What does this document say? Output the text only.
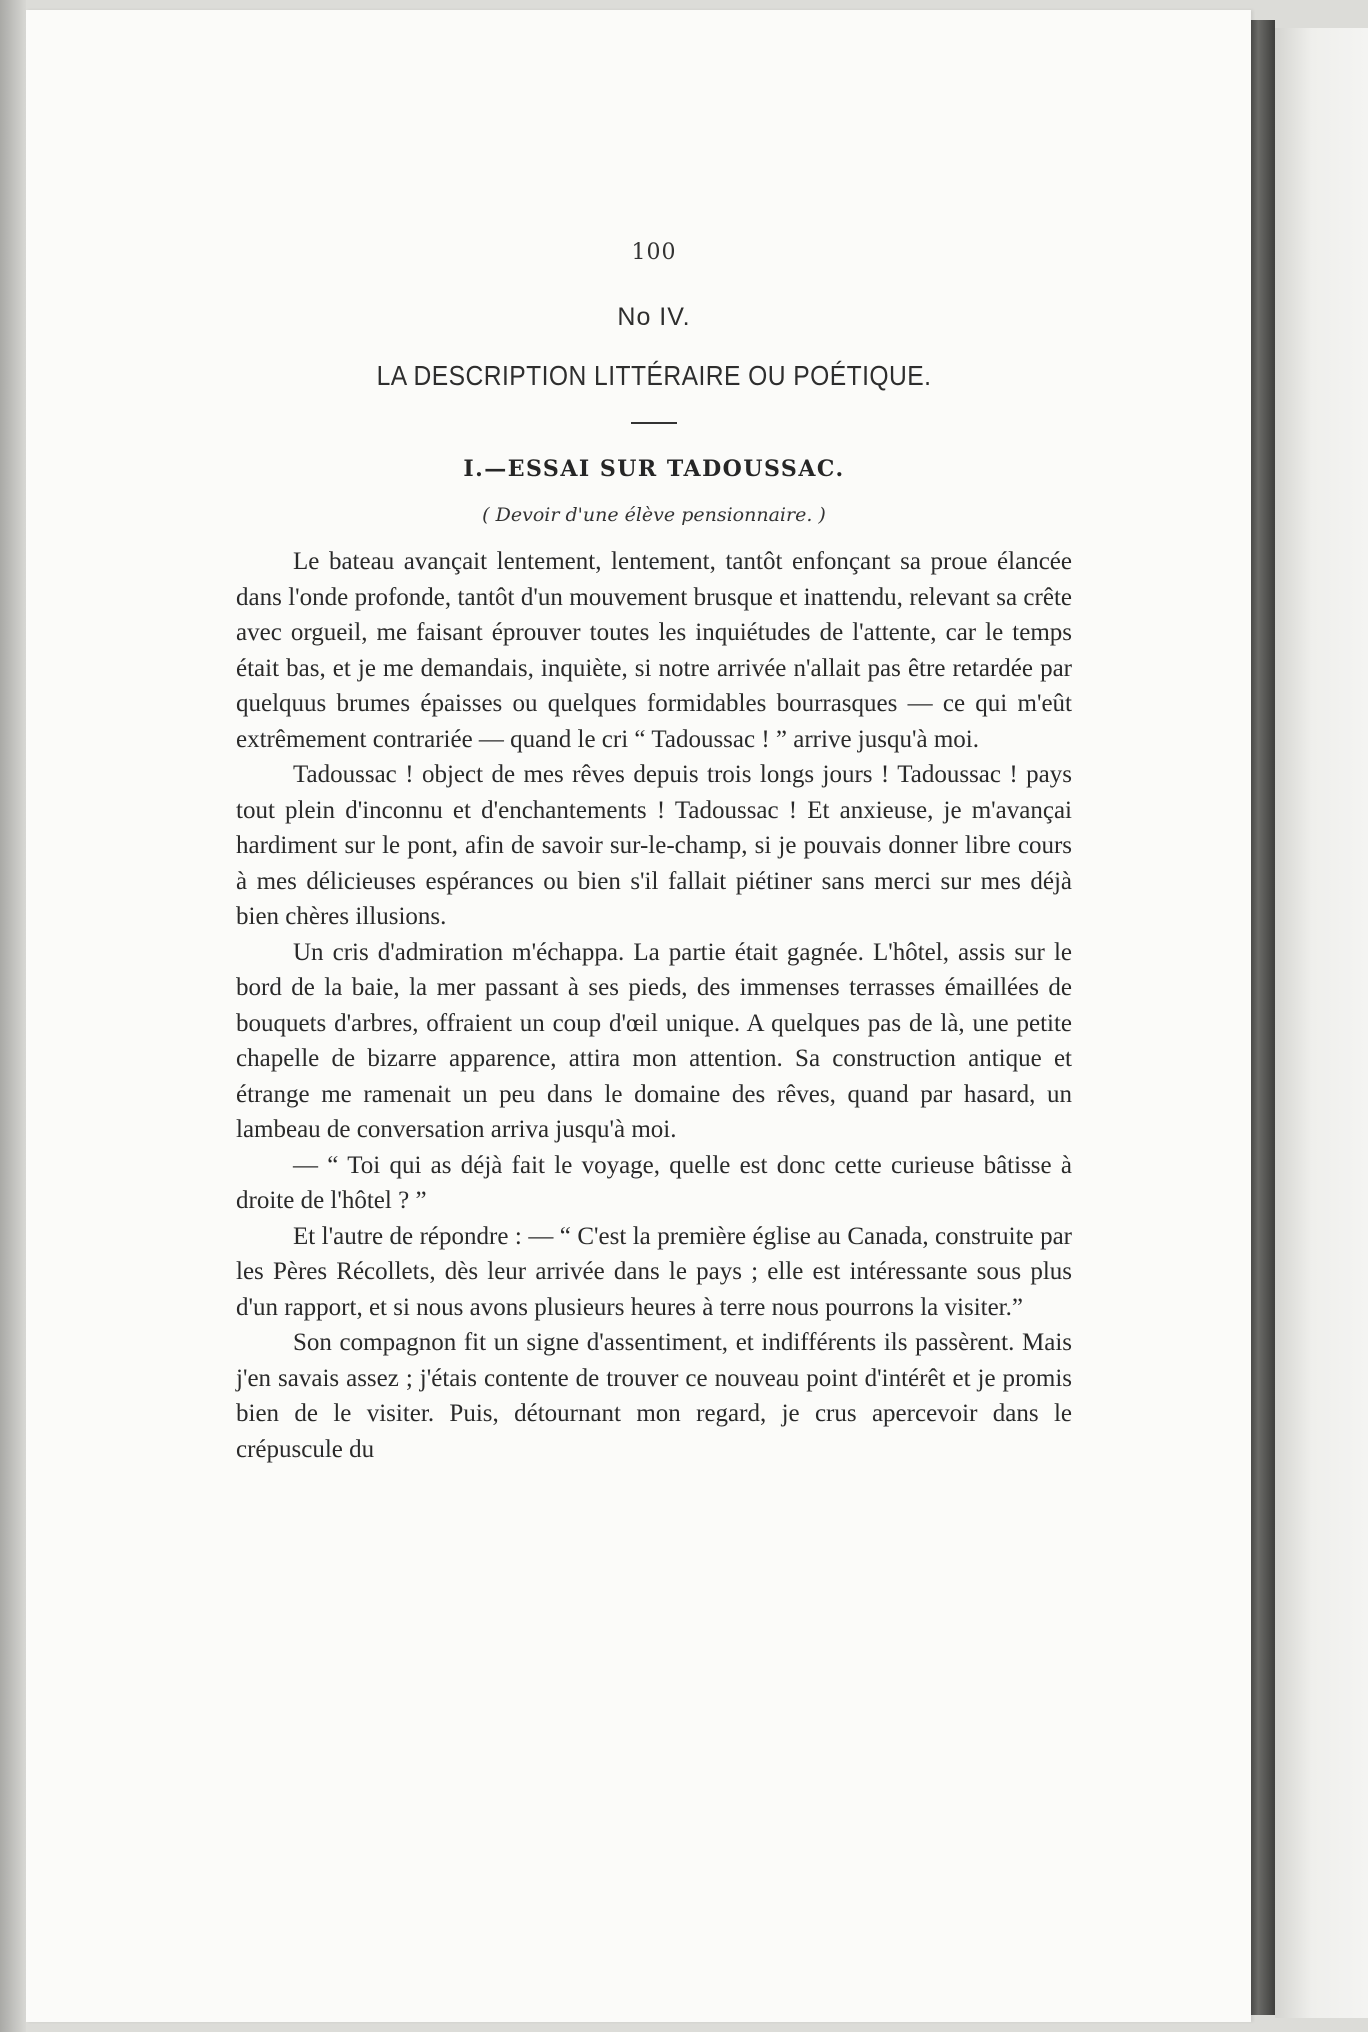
100
No IV.
LA DESCRIPTION LITTÉRAIRE OU POÉTIQUE.
I.—ESSAI SUR TADOUSSAC.
( Devoir d'une élève pensionnaire. )

Le bateau avançait lentement, lentement, tantôt enfonçant sa proue élancée dans l'onde profonde, tantôt d'un mouvement brusque et inattendu, relevant sa crête avec orgueil, me faisant éprouver toutes les inquiétudes de l'attente, car le temps était bas, et je me demandais, inquiète, si notre arrivée n'allait pas être retardée par quelquus brumes épaisses ou quelques formidables bourrasques — ce qui m'eût extrêmement contrariée — quand le cri “ Tadoussac ! ” arrive jusqu'à moi.

Tadoussac ! object de mes rêves depuis trois longs jours ! Tadoussac ! pays tout plein d'inconnu et d'enchantements ! Tadoussac ! Et anxieuse, je m'avançai hardiment sur le pont, afin de savoir sur-le-champ, si je pouvais donner libre cours à mes délicieuses espérances ou bien s'il fallait piétiner sans merci sur mes déjà bien chères illusions.

Un cris d'admiration m'échappa. La partie était gagnée. L'hôtel, assis sur le bord de la baie, la mer passant à ses pieds, des immenses terrasses émaillées de bouquets d'arbres, offraient un coup d'œil unique. A quelques pas de là, une petite chapelle de bizarre apparence, attira mon attention. Sa construction antique et étrange me ramenait un peu dans le domaine des rêves, quand par hasard, un lambeau de conversation arriva jusqu'à moi.

— “ Toi qui as déjà fait le voyage, quelle est donc cette curieuse bâtisse à droite de l'hôtel ? ”

Et l'autre de répondre : — “ C'est la première église au Canada, construite par les Pères Récollets, dès leur arrivée dans le pays ; elle est intéressante sous plus d'un rapport, et si nous avons plusieurs heures à terre nous pourrons la visiter.”

Son compagnon fit un signe d'assentiment, et indifférents ils passèrent. Mais j'en savais assez ; j'étais contente de trouver ce nouveau point d'intérêt et je promis bien de le visiter. Puis, détournant mon regard, je crus apercevoir dans le crépuscule du
